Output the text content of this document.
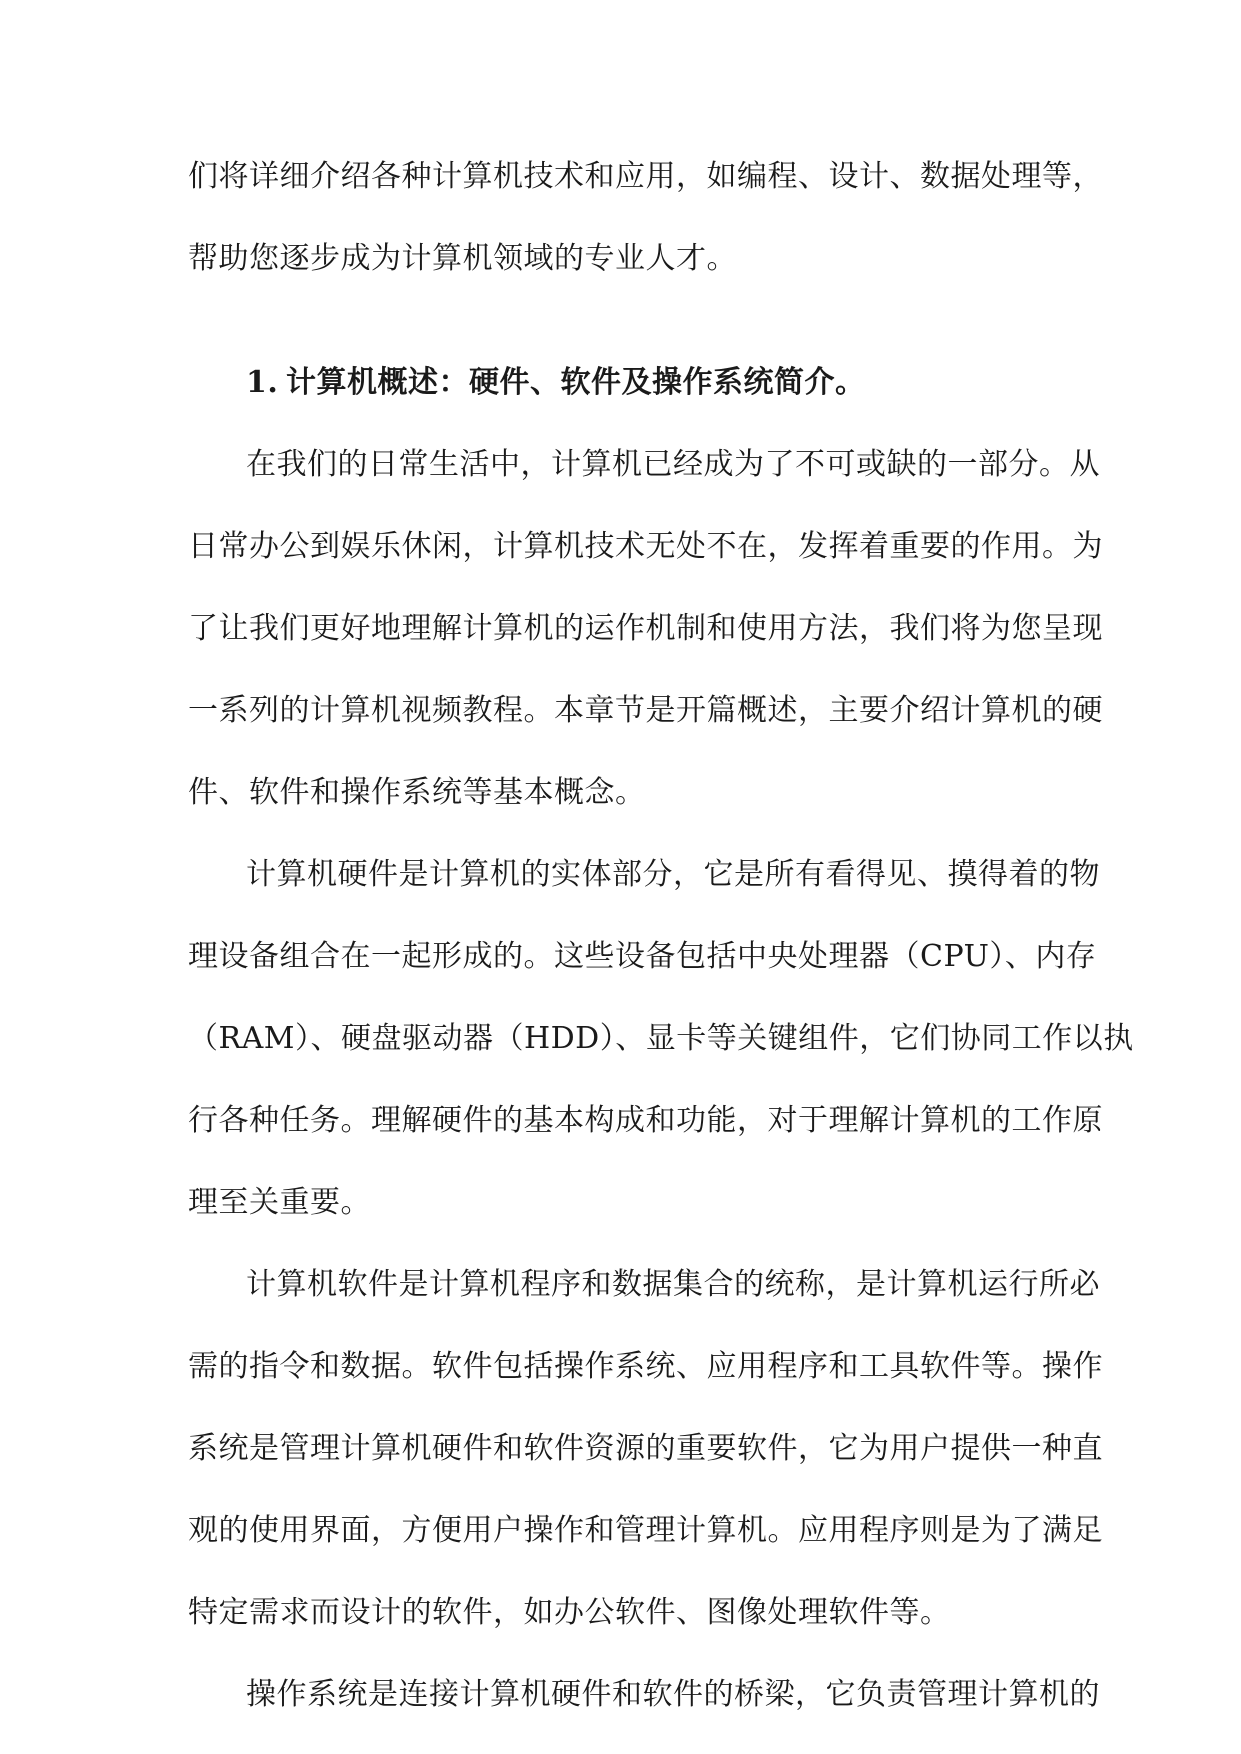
们将详细介绍各种计算机技术和应用，如编程、设计、数据处理等，
帮助您逐步成为计算机领域的专业人才。
1. 计算机概述：硬件、软件及操作系统简介。
在我们的日常生活中，计算机已经成为了不可或缺的一部分。从
日常办公到娱乐休闲，计算机技术无处不在，发挥着重要的作用。为
了让我们更好地理解计算机的运作机制和使用方法，我们将为您呈现
一系列的计算机视频教程。本章节是开篇概述，主要介绍计算机的硬
件、软件和操作系统等基本概念。
计算机硬件是计算机的实体部分，它是所有看得见、摸得着的物
理设备组合在一起形成的。这些设备包括中央处理器（CPU）、内存
（RAM）、硬盘驱动器（HDD）、显卡等关键组件，它们协同工作以执
行各种任务。理解硬件的基本构成和功能，对于理解计算机的工作原
理至关重要。
计算机软件是计算机程序和数据集合的统称，是计算机运行所必
需的指令和数据。软件包括操作系统、应用程序和工具软件等。操作
系统是管理计算机硬件和软件资源的重要软件，它为用户提供一种直
观的使用界面，方便用户操作和管理计算机。应用程序则是为了满足
特定需求而设计的软件，如办公软件、图像处理软件等。
操作系统是连接计算机硬件和软件的桥梁，它负责管理计算机的
